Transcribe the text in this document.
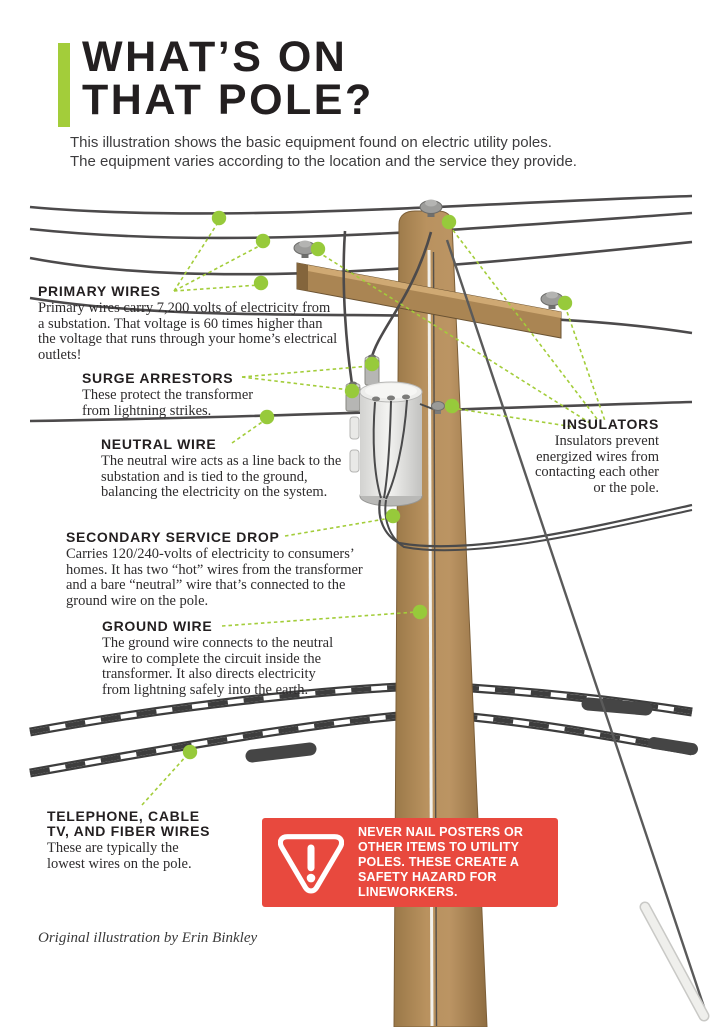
WHAT’S ON
THAT POLE?
This illustration shows the basic equipment found on electric utility poles.
The equipment varies according to the location and the service they provide.
PRIMARY WIRES
Primary wires carry 7,200 volts of electricity from a substation. That voltage is 60 times higher than the voltage that runs through your home’s electrical outlets!
SURGE ARRESTORS
These protect the transformer from lightning strikes.
NEUTRAL WIRE
The neutral wire acts as a line back to the substation and is tied to the ground, balancing the electricity on the system.
SECONDARY SERVICE DROP
Carries 120/240-volts of electricity to consumers’ homes. It has two “hot” wires from the transformer and a bare “neutral” wire that’s connected to the ground wire on the pole.
GROUND WIRE
The ground wire connects to the neutral wire to complete the circuit inside the transformer. It also directs electricity from lightning safely into the earth.
TELEPHONE, CABLE TV, AND FIBER WIRES
These are typically the lowest wires on the pole.
INSULATORS
Insulators prevent energized wires from contacting each other or the pole.
NEVER NAIL POSTERS OR OTHER ITEMS TO UTILITY POLES. THESE CREATE A SAFETY HAZARD FOR LINEWORKERS.
Original illustration by Erin Binkley
